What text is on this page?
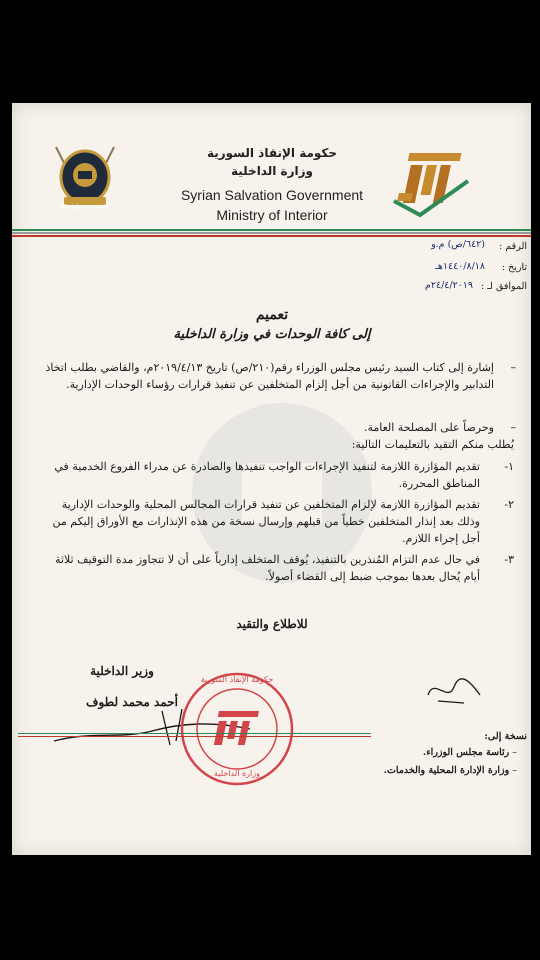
Ministry Interior
حكومة الإنقاذ السورية
وزارة الداخلية
Syrian Salvation Government
Ministry of Interior
الرقم :
(٦٤٢/ص) م.و
تاريخ :
١٤٤٠/٨/١٨هـ
الموافق لـ :
٢٤/٤/٢٠١٩م
تعميم
إلى كافة الوحدات في وزارة الداخلية
–
إشارة إلى كتاب السيد رئيس مجلس الوزراء رقم(٢١٠/ص) تاريخ ٢٠١٩/٤/١٣م، والقاضي بطلب اتخاذ التدابير والإجراءات القانونية من أجل إلزام المتخلفين عن تنفيذ قرارات رؤساء الوحدات الإدارية.
–
وحرصاً على المصلحة العامة.
يُطلب منكم التقيد بالتعليمات التالية:
١-
تقديم المؤازرة اللازمة لتنفيذ الإجراءات الواجب تنفيذها والصادرة عن مدراء الفروع الخدمية في المناطق المحررة.
٢-
تقديم المؤازرة اللازمة لإلزام المتخلفين عن تنفيذ قرارات المجالس المحلية والوحدات الإدارية وذلك بعد إنذار المتخلفين خطياً من قبلهم وإرسال نسخة من هذه الإنذارات مع الأوراق إليكم من أجل إجراء اللازم.
٣-
في حال عدم التزام المُنذرين بالتنفيذ، يُوقف المتخلف إدارياً على أن لا تتجاوز مدة التوقيف ثلاثة أيام يُحال بعدها بموجب ضبط إلى القضاء أصولاً.
للاطلاع والتقيد
وزير الداخلية
أحمد محمد لطوف
حكومة الإنقاذ السورية
وزارة الداخلية
نسخة إلى:
– رئاسة مجلس الوزراء.
– وزارة الإدارة المحلية والخدمات.
